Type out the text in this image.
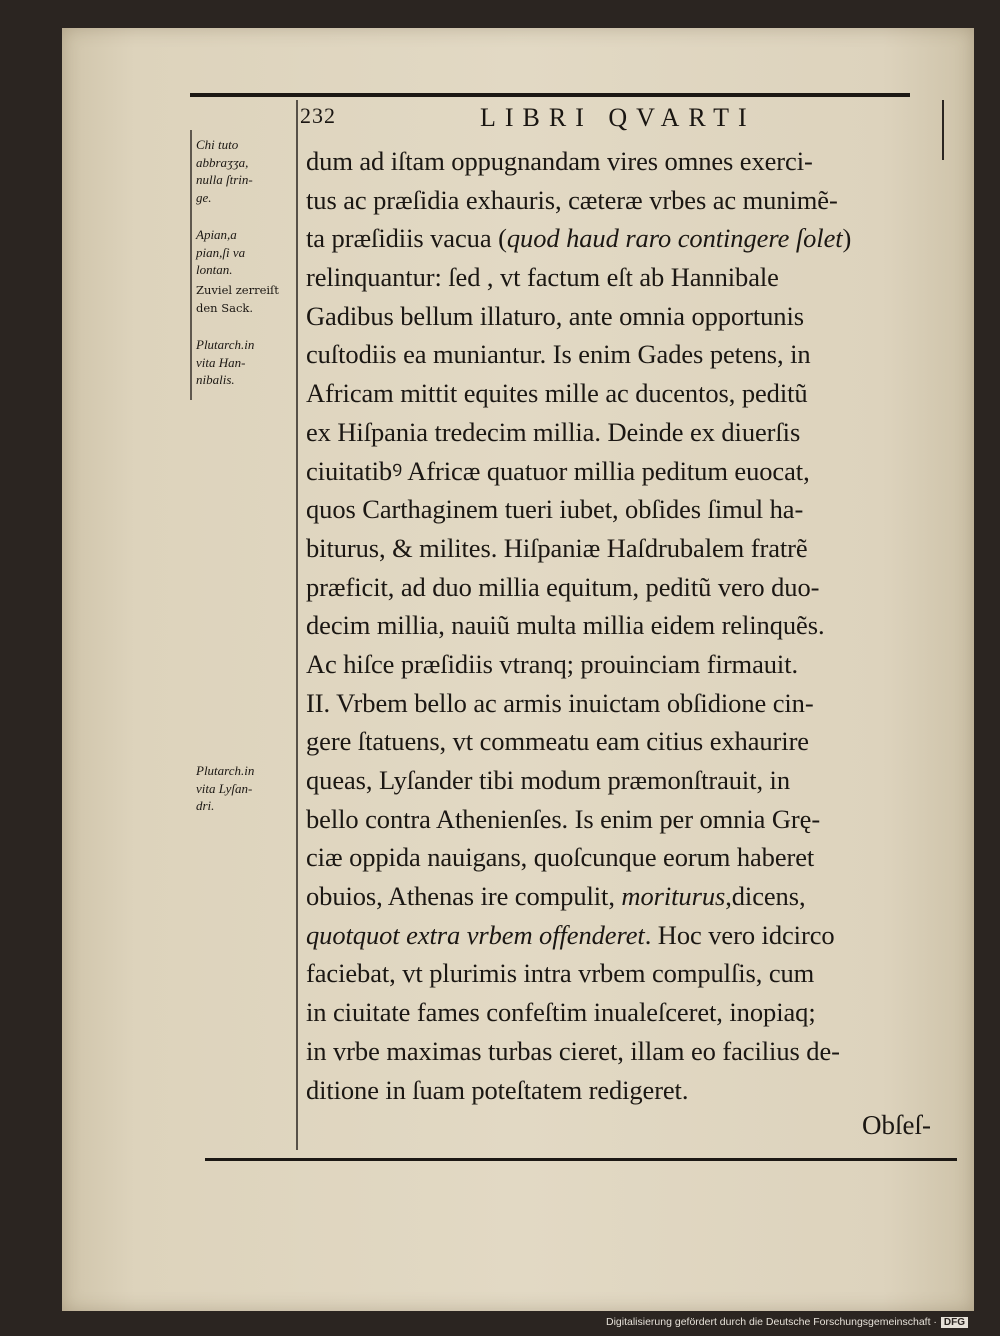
232	LIBRI QVARTI
Chi tuto
abbraʒʒa,
nulla ſtrin-
ge.
Apian,a
pian,ſi va
lontan.
Zuviel zerreiſt
den Sack.
Plutarch.in
vita Han-
nibalis.
Plutarch.in
vita Lyſan-
dri.
dum ad iſtam oppugnandam vires omnes exerci-
tus ac præſidia exhauris, cæteræ vrbes ac munimẽ-
ta præſidiis vacua (quod haud raro contingere ſolet)
relinquantur: ſed , vt factum eſt ab Hannibale
Gadibus bellum illaturo, ante omnia opportunis
cuſtodiis ea muniantur. Is enim Gades petens, in
Africam mittit equites mille ac ducentos, peditũ
ex Hiſpania tredecim millia. Deinde ex diuerſis
ciuitatibꝰ Africæ quatuor millia peditum euocat,
quos Carthaginem tueri iubet, obſides ſimul ha-
biturus, & milites. Hiſpaniæ Haſdrubalem fratrẽ
præficit, ad duo millia equitum, peditũ vero duo-
decim millia, nauiũ multa millia eidem relinquẽs.
Ac hiſce præſidiis vtranq; prouinciam firmauit.
II. Vrbem bello ac armis inuictam obſidione cin-
gere ſtatuens, vt commeatu eam citius exhaurire
queas, Lyſander tibi modum præmonſtrauit, in
bello contra Athenienſes. Is enim per omnia Grę-
ciæ oppida nauigans, quoſcunque eorum haberet
obuios, Athenas ire compulit, moriturus,dicens,
quotquot extra vrbem offenderet. Hoc vero idcirco
faciebat, vt plurimis intra vrbem compulſis, cum
in ciuitate fames confeſtim inualeſceret, inopiaq;
in vrbe maximas turbas cieret, illam eo facilius de-
ditione in ſuam poteſtatem redigeret.
Obſeſ-
Digitalisierung gefördert durch die Deutsche Forschungsgemeinschaft · DFG
